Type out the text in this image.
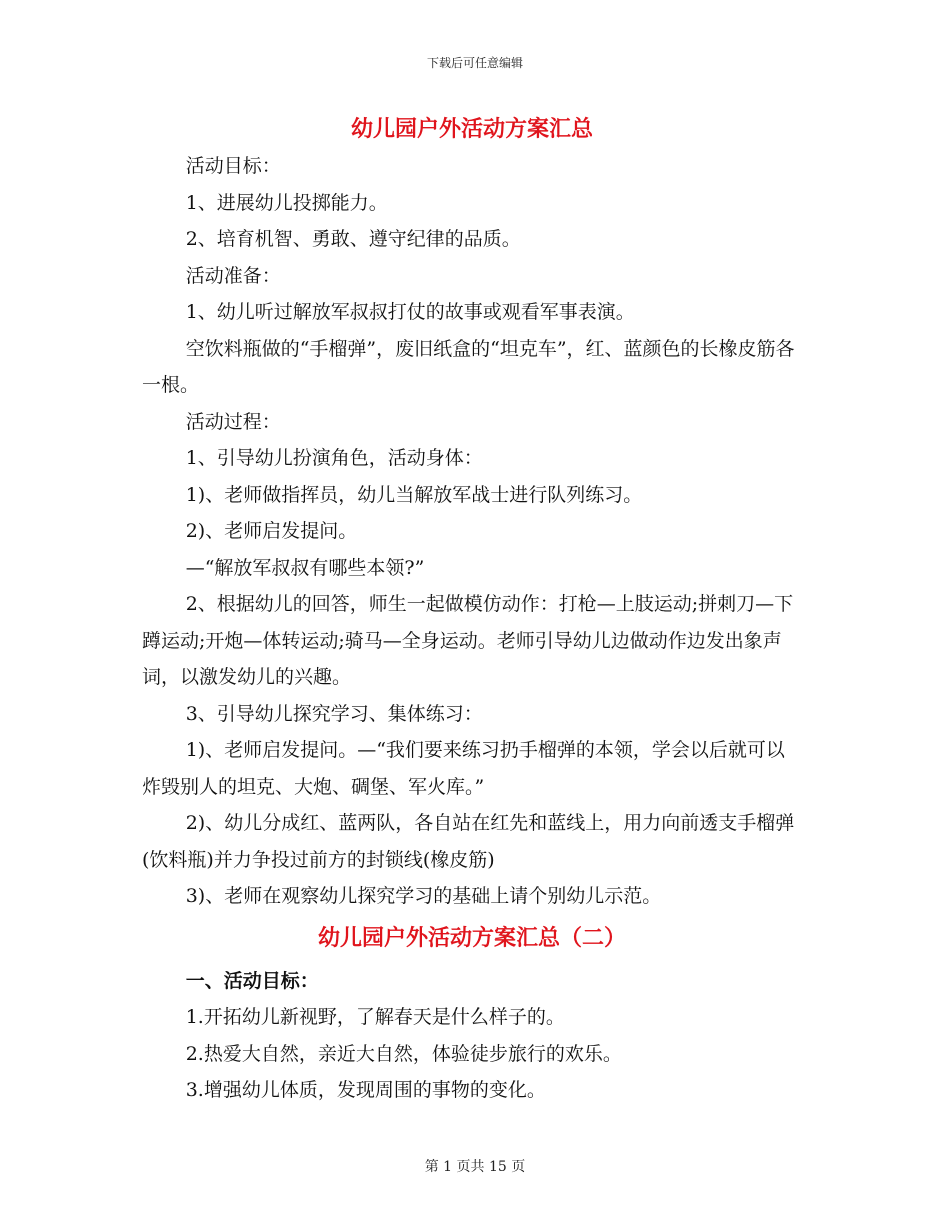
下载后可任意编辑
幼儿园户外活动方案汇总

活动目标：

1、进展幼儿投掷能力。

2、培育机智、勇敢、遵守纪律的品质。

活动准备：

1、幼儿听过解放军叔叔打仗的故事或观看军事表演。

空饮料瓶做的“手榴弹”，废旧纸盒的“坦克车”，红、蓝颜色的长橡皮筋各一根。

活动过程：

1、引导幼儿扮演角色，活动身体：

1)、老师做指挥员，幼儿当解放军战士进行队列练习。

2)、老师启发提问。

—“解放军叔叔有哪些本领?”

2、根据幼儿的回答，师生一起做模仿动作：打枪—上肢运动;拼刺刀—下蹲运动;开炮—体转运动;骑马—全身运动。老师引导幼儿边做动作边发出象声词，以激发幼儿的兴趣。

3、引导幼儿探究学习、集体练习：

1)、老师启发提问。—“我们要来练习扔手榴弹的本领，学会以后就可以炸毁别人的坦克、大炮、碉堡、军火库。”

2)、幼儿分成红、蓝两队，各自站在红先和蓝线上，用力向前透支手榴弹(饮料瓶)并力争投过前方的封锁线(橡皮筋)

3)、老师在观察幼儿探究学习的基础上请个别幼儿示范。

幼儿园户外活动方案汇总（二）

一、活动目标：

1.开拓幼儿新视野，了解春天是什么样子的。

2.热爱大自然，亲近大自然，体验徒步旅行的欢乐。

3.增强幼儿体质，发现周围的事物的变化。

第 1 页共 15 页
